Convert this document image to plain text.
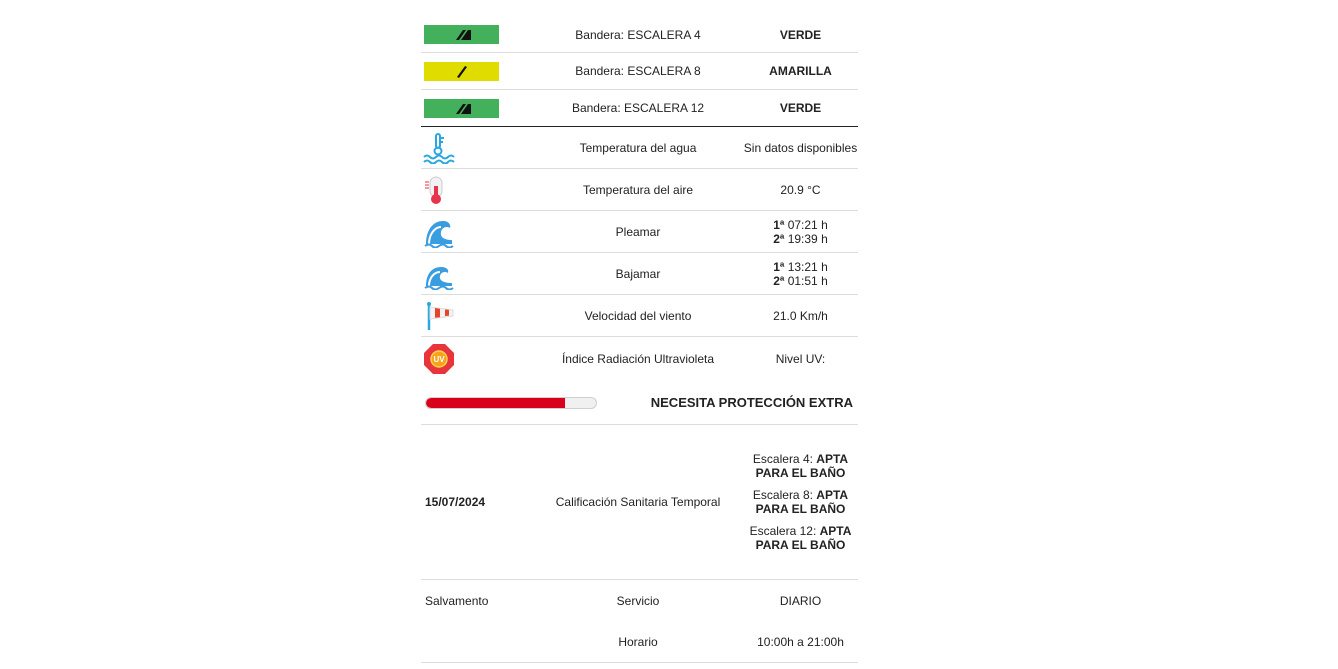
Bandera: ESCALERA 4	VERDE
Bandera: ESCALERA 8	AMARILLA
Bandera: ESCALERA 12	VERDE
Temperatura del agua	Sin datos disponibles
Temperatura del aire	20.9 °C
Pleamar	1ª 07:21 h
2ª 19:39 h
Bajamar	1ª 13:21 h
2ª 01:51 h
Velocidad del viento	21.0 Km/h
UV	Índice Radiación Ultravioleta	Nivel UV:
NECESITA PROTECCIÓN EXTRA
15/07/2024	Calificación Sanitaria Temporal
Escalera 4: APTA PARA EL BAÑO
Escalera 8: APTA PARA EL BAÑO
Escalera 12: APTA PARA EL BAÑO
Salvamento	Servicio	DIARIO
Horario	10:00h a 21:00h
